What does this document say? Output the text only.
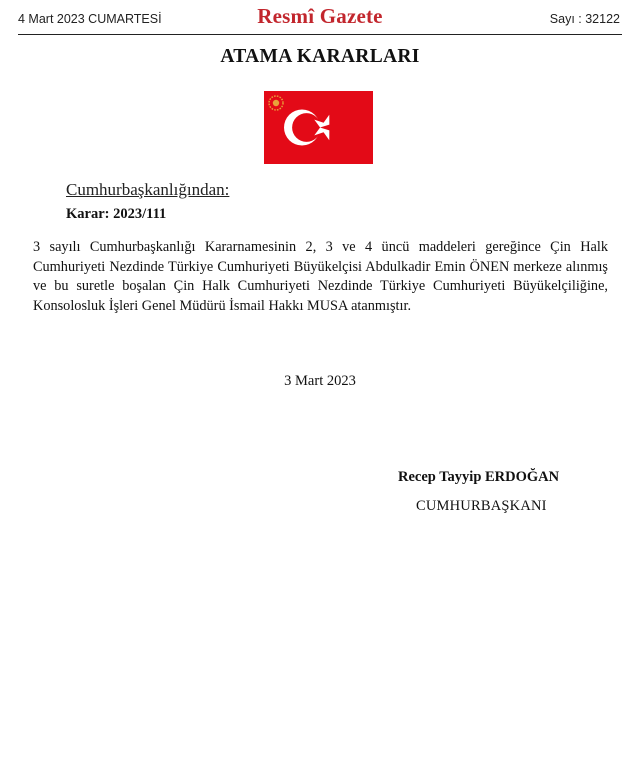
4 Mart 2023 CUMARTESİ	Resmî Gazete	Sayı : 32122
ATAMA KARARLARI
Cumhurbaşkanlığından:
Karar: 2023/111

3 sayılı Cumhurbaşkanlığı Kararnamesinin 2, 3 ve 4 üncü maddeleri gereğince Çin Halk Cumhuriyeti Nezdinde Türkiye Cumhuriyeti Büyükelçisi Abdulkadir Emin ÖNEN merkeze alınmış ve bu suretle boşalan Çin Halk Cumhuriyeti Nezdinde Türkiye Cumhuriyeti Büyükelçiliğine, Konsolosluk İşleri Genel Müdürü İsmail Hakkı MUSA atanmıştır.

3 Mart 2023
Recep Tayyip ERDOĞAN
CUMHURBAŞKANI
